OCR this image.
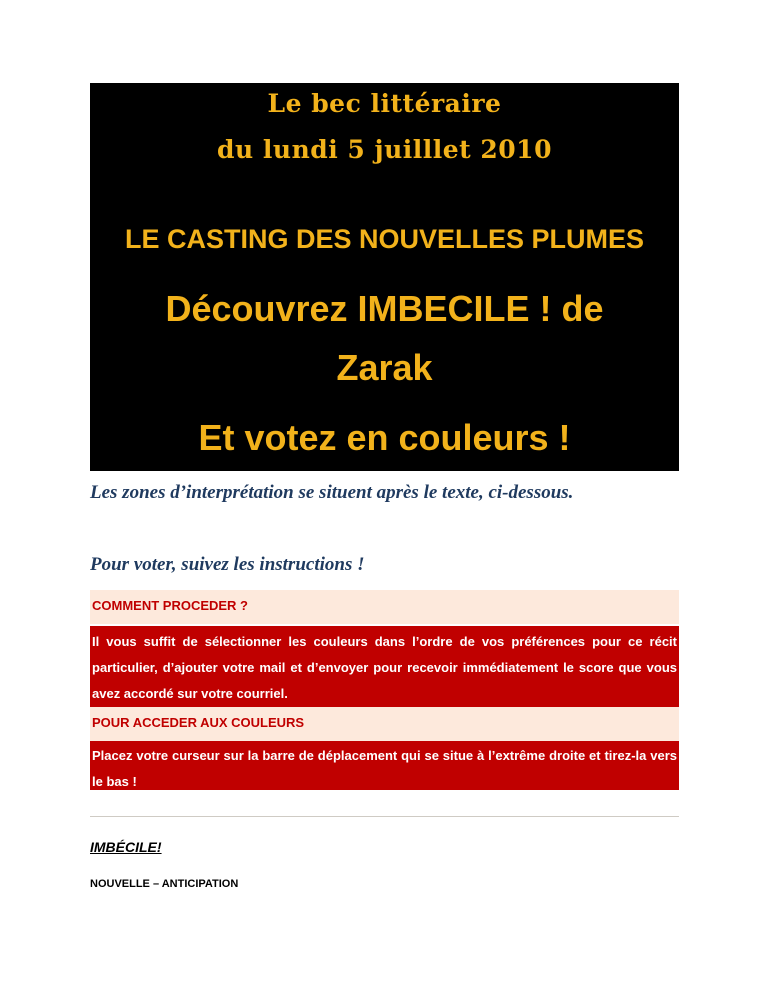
Le bec littéraire
du lundi 5 juilllet 2010
LE CASTING DES NOUVELLES PLUMES
Découvrez IMBECILE ! de
Zarak
Et votez en couleurs !
Les zones d’interprétation se situent après le texte, ci-dessous.
Pour voter, suivez les instructions !
COMMENT PROCEDER ?
Il vous suffit de sélectionner les couleurs dans l’ordre de vos préférences pour ce récit particulier, d’ajouter votre mail et d’envoyer pour recevoir immédiatement le score que vous avez accordé sur votre courriel.
POUR ACCEDER AUX COULEURS
Placez votre curseur sur la barre de déplacement qui se situe à l’extrême droite et tirez-la vers le bas !
IMBÉCILE!
NOUVELLE – ANTICIPATION
